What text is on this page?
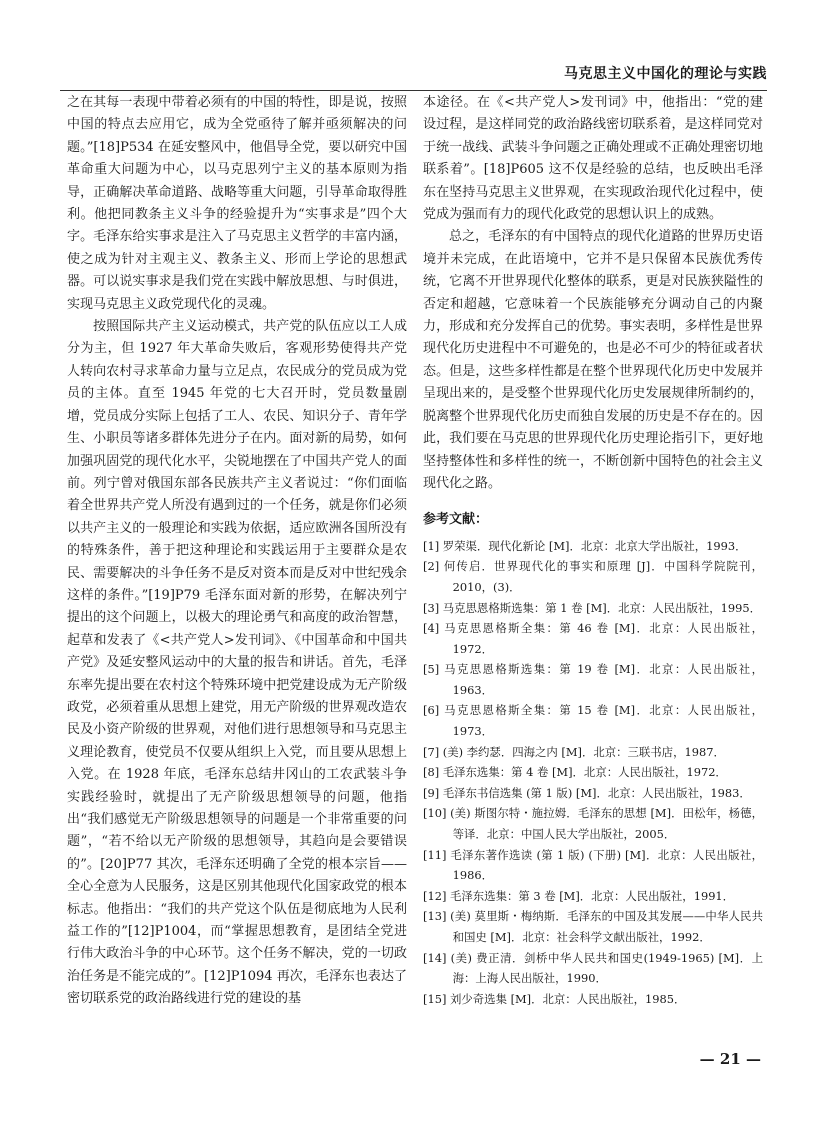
马克思主义中国化的理论与实践

之在其每一表现中带着必须有的中国的特性，即是说，按照中国的特点去应用它，成为全党亟待了解并亟须解决的问题。”[18]P534 在延安整风中，他倡导全党，要以研究中国革命重大问题为中心，以马克思列宁主义的基本原则为指导，正确解决革命道路、战略等重大问题，引导革命取得胜利。他把同教条主义斗争的经验提升为“实事求是”四个大字。毛泽东给实事求是注入了马克思主义哲学的丰富内涵，使之成为针对主观主义、教条主义、形而上学论的思想武器。可以说实事求是我们党在实践中解放思想、与时俱进，实现马克思主义政党现代化的灵魂。

按照国际共产主义运动模式，共产党的队伍应以工人成分为主，但 1927 年大革命失败后，客观形势使得共产党人转向农村寻求革命力量与立足点，农民成分的党员成为党员的主体。直至 1945 年党的七大召开时，党员数量剧增，党员成分实际上包括了工人、农民、知识分子、青年学生、小职员等诸多群体先进分子在内。面对新的局势，如何加强巩固党的现代化水平，尖锐地摆在了中国共产党人的面前。列宁曾对俄国东部各民族共产主义者说过：“你们面临着全世界共产党人所没有遇到过的一个任务，就是你们必须以共产主义的一般理论和实践为依据，适应欧洲各国所没有的特殊条件，善于把这种理论和实践运用于主要群众是农民、需要解决的斗争任务不是反对资本而是反对中世纪残余这样的条件。”[19]P79 毛泽东面对新的形势，在解决列宁提出的这个问题上，以极大的理论勇气和高度的政治智慧，起草和发表了《<共产党人>发刊词》、《中国革命和中国共产党》及延安整风运动中的大量的报告和讲话。首先，毛泽东率先提出要在农村这个特殊环境中把党建设成为无产阶级政党，必须着重从思想上建党，用无产阶级的世界观改造农民及小资产阶级的世界观，对他们进行思想领导和马克思主义理论教育，使党员不仅要从组织上入党，而且要从思想上入党。在 1928 年底，毛泽东总结井冈山的工农武装斗争实践经验时，就提出了无产阶级思想领导的问题，他指出“我们感觉无产阶级思想领导的问题是一个非常重要的问题”，“若不给以无产阶级的思想领导，其趋向是会要错误的”。[20]P77 其次，毛泽东还明确了全党的根本宗旨——全心全意为人民服务，这是区别其他现代化国家政党的根本标志。他指出：“我们的共产党这个队伍是彻底地为人民利益工作的”[12]P1004，而“掌握思想教育，是团结全党进行伟大政治斗争的中心环节。这个任务不解决，党的一切政治任务是不能完成的”。[12]P1094 再次，毛泽东也表达了密切联系党的政治路线进行党的建设的基

本途径。在《<共产党人>发刊词》中，他指出：“党的建设过程，是这样同党的政治路线密切联系着，是这样同党对于统一战线、武装斗争问题之正确处理或不正确处理密切地联系着”。[18]P605 这不仅是经验的总结，也反映出毛泽东在坚持马克思主义世界观，在实现政治现代化过程中，使党成为强而有力的现代化政党的思想认识上的成熟。

总之，毛泽东的有中国特点的现代化道路的世界历史语境并未完成，在此语境中，它并不是只保留本民族优秀传统，它离不开世界现代化整体的联系，更是对民族狭隘性的否定和超越，它意味着一个民族能够充分调动自己的内聚力，形成和充分发挥自己的优势。事实表明，多样性是世界现代化历史进程中不可避免的，也是必不可少的特征或者状态。但是，这些多样性都是在整个世界现代化历史中发展并呈现出来的，是受整个世界现代化历史发展规律所制约的，脱离整个世界现代化历史而独自发展的历史是不存在的。因此，我们要在马克思的世界现代化历史理论指引下，更好地坚持整体性和多样性的统一，不断创新中国特色的社会主义现代化之路。

参考文献：
[1] 罗荣渠．现代化新论 [M]．北京：北京大学出版社，1993．
[2] 何传启．世界现代化的事实和原理 [J]．中国科学院院刊，2010，(3)．
[3] 马克思恩格斯选集：第 1 卷 [M]．北京：人民出版社，1995．
[4] 马克思恩格斯全集：第 46 卷 [M]．北京：人民出版社，1972．
[5] 马克思恩格斯选集：第 19 卷 [M]．北京：人民出版社，1963．
[6] 马克思恩格斯全集：第 15 卷 [M]．北京：人民出版社，1973．
[7] (美) 李约瑟．四海之内 [M]．北京：三联书店，1987．
[8] 毛泽东选集：第 4 卷 [M]．北京：人民出版社，1972．
[9] 毛泽东书信选集 (第 1 版) [M]．北京：人民出版社，1983．
[10] (美) 斯图尔特・施拉姆．毛泽东的思想 [M]．田松年，杨德，等译．北京：中国人民大学出版社，2005．
[11] 毛泽东著作选读 (第 1 版) (下册) [M]．北京：人民出版社，1986．
[12] 毛泽东选集：第 3 卷 [M]．北京：人民出版社，1991．
[13] (美) 莫里斯・梅纳斯．毛泽东的中国及其发展——中华人民共和国史 [M]．北京：社会科学文献出版社，1992．
[14] (美) 费正清．剑桥中华人民共和国史(1949-1965) [M]．上海：上海人民出版社，1990．
[15] 刘少奇选集 [M]．北京：人民出版社，1985．
— 21 —
